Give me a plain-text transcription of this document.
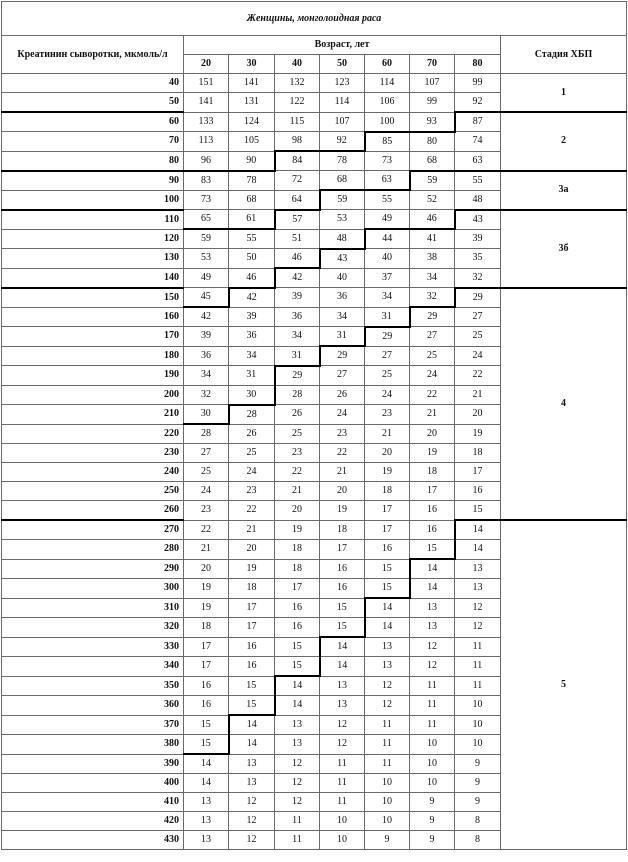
Женщины, монголоидная раса								
Креатинин сыворотки, мкмоль/л	Возраст, лет							Стадия ХБП
	20	30	40	50	60	70	80	
40	151	141	132	123	114	107	99	1
50	141	131	122	114	106	99	92	
60	133	124	115	107	100	93	87	2
70	113	105	98	92	85	80	74	
80	96	90	84	78	73	68	63	
90	83	78	72	68	63	59	55	3а
100	73	68	64	59	55	52	48	
110	65	61	57	53	49	46	43	3б
120	59	55	51	48	44	41	39	
130	53	50	46	43	40	38	35	
140	49	46	42	40	37	34	32	
150	45	42	39	36	34	32	29	4
160	42	39	36	34	31	29	27	
170	39	36	34	31	29	27	25	
180	36	34	31	29	27	25	24	
190	34	31	29	27	25	24	22	
200	32	30	28	26	24	22	21	
210	30	28	26	24	23	21	20	
220	28	26	25	23	21	20	19	
230	27	25	23	22	20	19	18	
240	25	24	22	21	19	18	17	
250	24	23	21	20	18	17	16	
260	23	22	20	19	17	16	15	
270	22	21	19	18	17	16	14	5
280	21	20	18	17	16	15	14	
290	20	19	18	16	15	14	13	
300	19	18	17	16	15	14	13	
310	19	17	16	15	14	13	12	
320	18	17	16	15	14	13	12	
330	17	16	15	14	13	12	11	
340	17	16	15	14	13	12	11	
350	16	15	14	13	12	11	11	
360	16	15	14	13	12	11	10	
370	15	14	13	12	11	11	10	
380	15	14	13	12	11	10	10	
390	14	13	12	11	11	10	9	
400	14	13	12	11	10	10	9	
410	13	12	12	11	10	9	9	
420	13	12	11	10	10	9	8	
430	13	12	11	10	9	9	8	
